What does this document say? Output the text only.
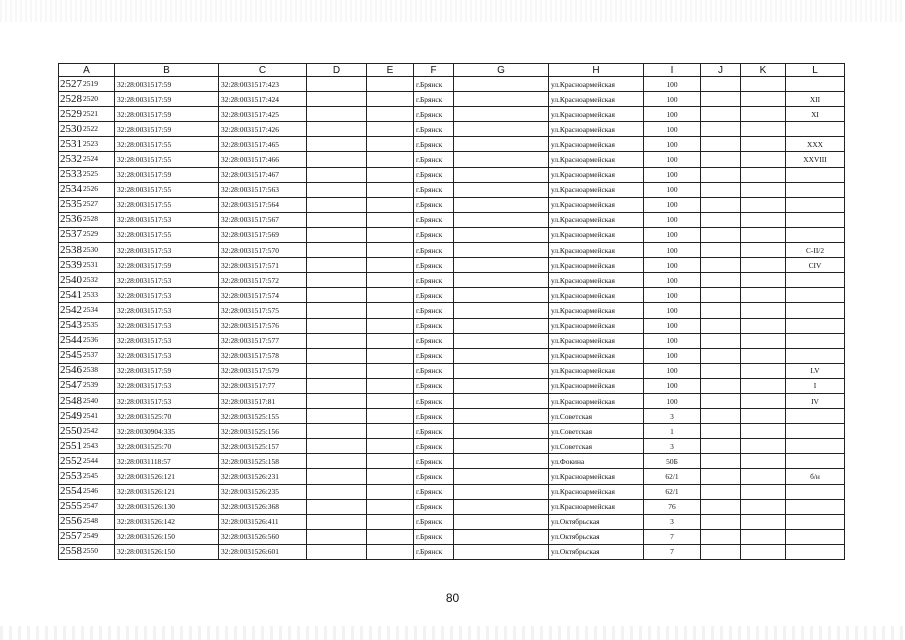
A	B	C	D	E	F	G	H	I	J	K	L
$2527^{2519}$	32:28:0031517:59	32:28:0031517:423			г.Брянск		ул.Красноармейская	100			
$2528^{2520}$	32:28:0031517:59	32:28:0031517:424			г.Брянск		ул.Красноармейская	100			XII
$2529^{2521}$	32:28:0031517:59	32:28:0031517:425			г.Брянск		ул.Красноармейская	100			XI
$2530^{2522}$	32:28:0031517:59	32:28:0031517:426			г.Брянск		ул.Красноармейская	100			
$2531^{2523}$	32:28:0031517:55	32:28:0031517:465			г.Брянск		ул.Красноармейская	100			XXX
$2532^{2524}$	32:28:0031517:55	32:28:0031517:466			г.Брянск		ул.Красноармейская	100			XXVIII
$2533^{2525}$	32:28:0031517:59	32:28:0031517:467			г.Брянск		ул.Красноармейская	100			
$2534^{2526}$	32:28:0031517:55	32:28:0031517:563			г.Брянск		ул.Красноармейская	100			
$2535^{2527}$	32:28:0031517:55	32:28:0031517:564			г.Брянск		ул.Красноармейская	100			
$2536^{2528}$	32:28:0031517:53	32:28:0031517:567			г.Брянск		ул.Красноармейская	100			
$2537^{2529}$	32:28:0031517:55	32:28:0031517:569			г.Брянск		ул.Красноармейская	100			
$2538^{2530}$	32:28:0031517:53	32:28:0031517:570			г.Брянск		ул.Красноармейская	100			C-II/2
$2539^{2531}$	32:28:0031517:59	32:28:0031517:571			г.Брянск		ул.Красноармейская	100			CIV
$2540^{2532}$	32:28:0031517:53	32:28:0031517:572			г.Брянск		ул.Красноармейская	100			
$2541^{2533}$	32:28:0031517:53	32:28:0031517:574			г.Брянск		ул.Красноармейская	100			
$2542^{2534}$	32:28:0031517:53	32:28:0031517:575			г.Брянск		ул.Красноармейская	100			
$2543^{2535}$	32:28:0031517:53	32:28:0031517:576			г.Брянск		ул.Красноармейская	100			
$2544^{2536}$	32:28:0031517:53	32:28:0031517:577			г.Брянск		ул.Красноармейская	100			
$2545^{2537}$	32:28:0031517:53	32:28:0031517:578			г.Брянск		ул.Красноармейская	100			
$2546^{2538}$	32:28:0031517:59	32:28:0031517:579			г.Брянск		ул.Красноармейская	100			LV
$2547^{2539}$	32:28:0031517:53	32:28:0031517:77			г.Брянск		ул.Красноармейская	100			I
$2548^{2540}$	32:28:0031517:53	32:28:0031517:81			г.Брянск		ул.Красноармейская	100			IV
$2549^{2541}$	32:28:0031525:70	32:28:0031525:155			г.Брянск		ул.Советская	3			
$2550^{2542}$	32:28:0030904:335	32:28:0031525:156			г.Брянск		ул.Советская	1			
$2551^{2543}$	32:28:0031525:70	32:28:0031525:157			г.Брянск		ул.Советская	3			
$2552^{2544}$	32:28:0031118:57	32:28:0031525:158			г.Брянск		ул.Фокина	50Б			
$2553^{2545}$	32:28:0031526:121	32:28:0031526:231			г.Брянск		ул.Красноармейская	62/1			б/н
$2554^{2546}$	32:28:0031526:121	32:28:0031526:235			г.Брянск		ул.Красноармейская	62/1			
$2555^{2547}$	32:28:0031526:130	32:28:0031526:368			г.Брянск		ул.Красноармейская	76			
$2556^{2548}$	32:28:0031526:142	32:28:0031526:411			г.Брянск		ул.Октябрьская	3			
$2557^{2549}$	32:28:0031526:150	32:28:0031526:560			г.Брянск		ул.Октябрьская	7			
$2558^{2550}$	32:28:0031526:150	32:28:0031526:601			г.Брянск		ул.Октябрьская	7			
80
